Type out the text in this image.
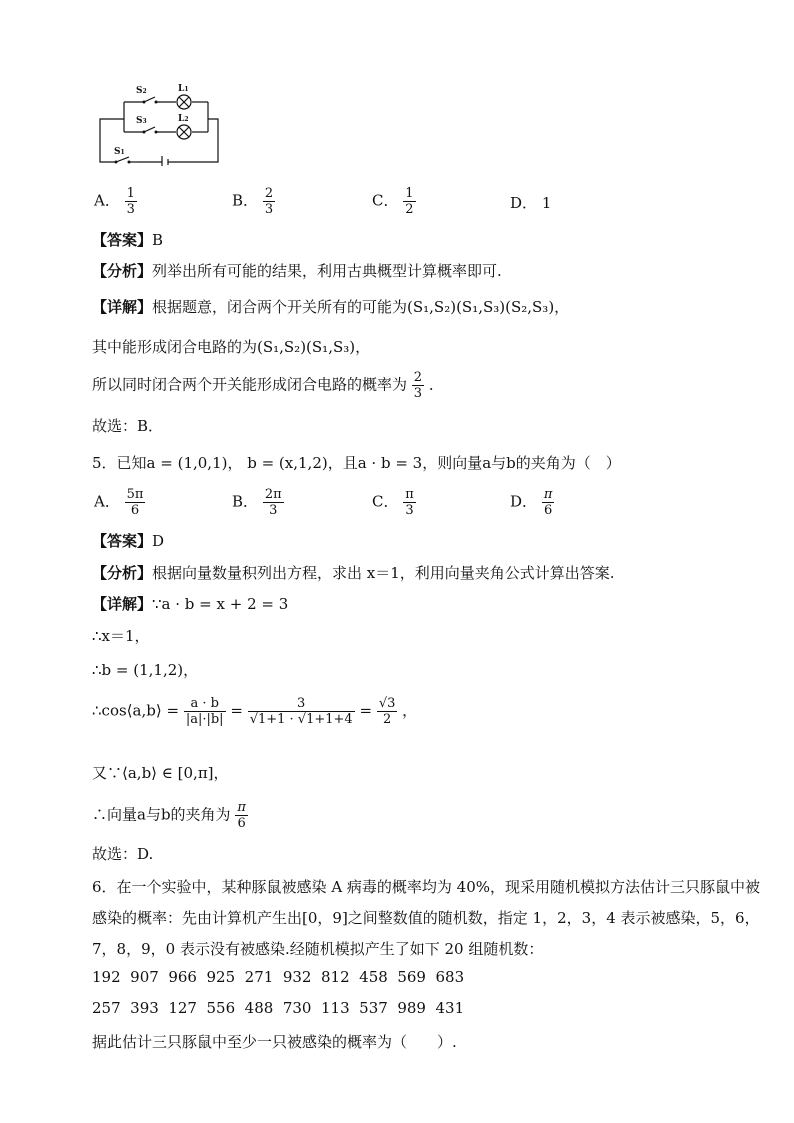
S2	L1
S3	L2
S1
A． $\frac{1}{3}$	B． $\frac{2}{3}$	C． $\frac{1}{2}$	D． 1
【答案】B
【分析】列举出所有可能的结果，利用古典概型计算概率即可.
【详解】根据题意，闭合两个开关所有的可能为(S₁,S₂)(S₁,S₃)(S₂,S₃)，
其中能形成闭合电路的为(S₁,S₂)(S₁,S₃)，
所以同时闭合两个开关能形成闭合电路的概率为 $\frac{2}{3}$ ．
故选：B．
5．已知a = (1,0,1)， b = (x,1,2)，且a · b = 3，则向量a与b的夹角为（　）
A． $\frac{5\pi}{6}$	B． $\frac{2\pi}{3}$	C． $\frac{\pi}{3}$	D． $\frac{\pi}{6}$
【答案】D
【分析】根据向量数量积列出方程，求出 x＝1，利用向量夹角公式计算出答案.
【详解】∵a · b = x + 2 = 3
∴x＝1，
∴b = (1,1,2)，
∴cos⟨a,b⟩ = $\frac{a \cdot b}{|a|\cdot|b|} = \frac{3}{√1+1 \cdot √1+1+4} = \frac{√3}{2}$ ，
又∵⟨a,b⟩ ∈ [0,π]，
∴向量a与b的夹角为 $\frac{\pi}{6}$
故选：D.
6．在一个实验中，某种豚鼠被感染 A 病毒的概率均为 40%，现采用随机模拟方法估计三只豚鼠中被
感染的概率：先由计算机产生出[0，9]之间整数值的随机数，指定 1，2，3，4 表示被感染，5，6，
7，8，9，0 表示没有被感染.经随机模拟产生了如下 20 组随机数：
192  907  966  925  271  932  812  458  569  683
257  393  127  556  488  730  113  537  989  431
据此估计三只豚鼠中至少一只被感染的概率为（　　）.
